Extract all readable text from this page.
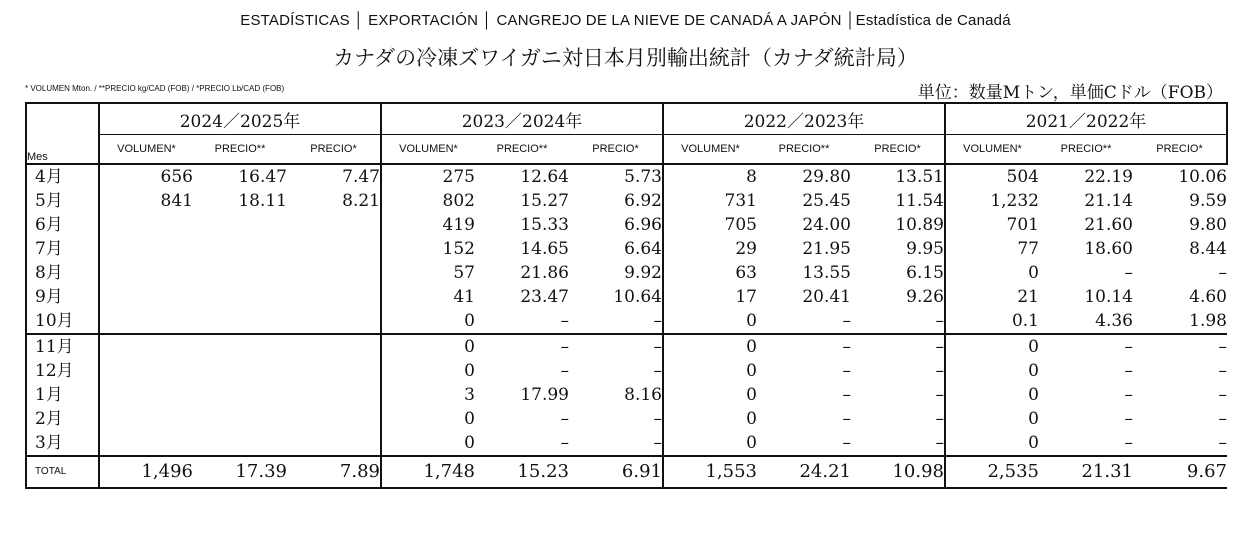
ESTADÍSTICAS │ EXPORTACIÓN │ CANGREJO DE LA NIEVE DE CANADÁ A JAPÓN │Estadística de Canadá
カナダの冷凍ズワイガニ対日本月別輸出統計（カナダ統計局）
* VOLUMEN Mton. / **PRECIO kg/CAD (FOB) / *PRECIO Lb/CAD (FOB)	単位：数量Mトン，単価Cドル（FOB）
Mes	2024／2025年			2023／2024年			2022／2023年			2021／2022年		
	VOLUMEN*	PRECIO**	PRECIO*	VOLUMEN*	PRECIO**	PRECIO*	VOLUMEN*	PRECIO**	PRECIO*	VOLUMEN*	PRECIO**	PRECIO*
4月	656	16.47	7.47	275	12.64	5.73	8	29.80	13.51	504	22.19	10.06
5月	841	18.11	8.21	802	15.27	6.92	731	25.45	11.54	1,232	21.14	9.59
6月				419	15.33	6.96	705	24.00	10.89	701	21.60	9.80
7月				152	14.65	6.64	29	21.95	9.95	77	18.60	8.44
8月				57	21.86	9.92	63	13.55	6.15	0	–	–
9月				41	23.47	10.64	17	20.41	9.26	21	10.14	4.60
10月				0	–	–	0	–	–	0.1	4.36	1.98
11月				0	–	–	0	–	–	0	–	–
12月				0	–	–	0	–	–	0	–	–
1月				3	17.99	8.16	0	–	–	0	–	–
2月				0	–	–	0	–	–	0	–	–
3月				0	–	–	0	–	–	0	–	–
TOTAL	1,496	17.39	7.89	1,748	15.23	6.91	1,553	24.21	10.98	2,535	21.31	9.67
